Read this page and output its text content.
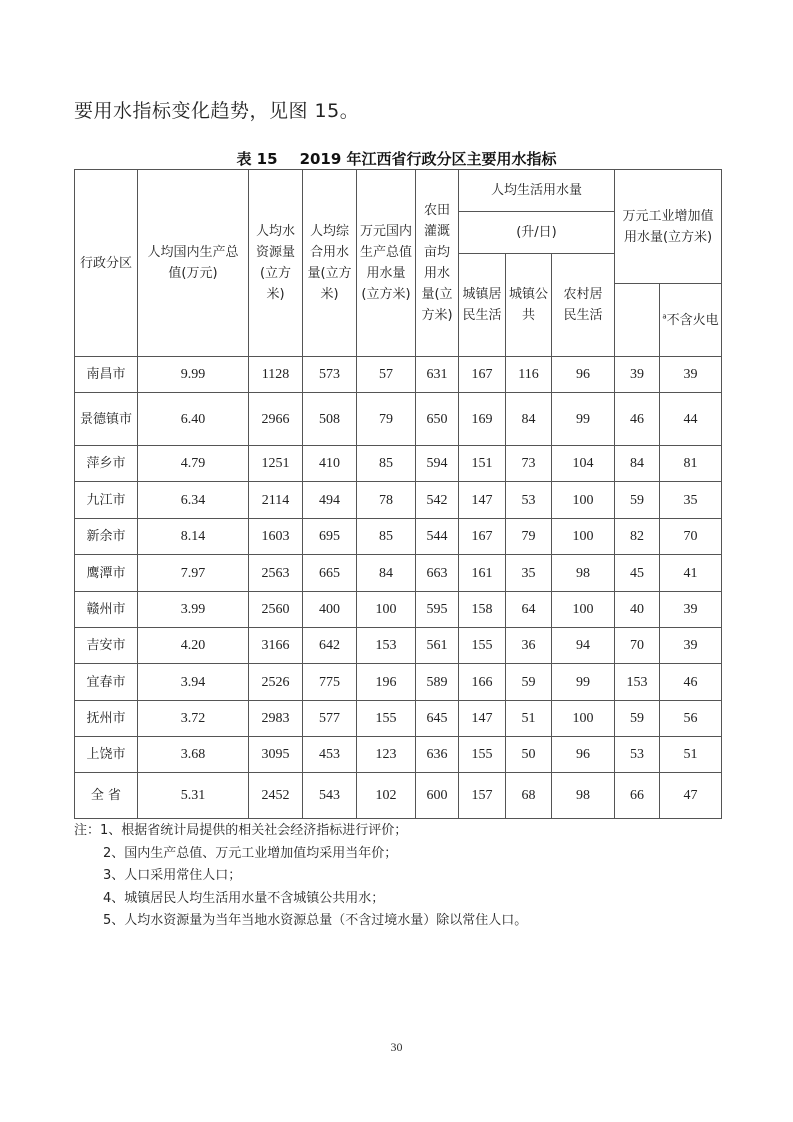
要用水指标变化趋势，见图 15。
表 15 2019 年江西省行政分区主要用水指标
行政分区	人均国内生产总值(万元)	人均水资源量(立方米)	人均综合用水量(立方米)	万元国内生产总值用水量(立方米)	农田灌溉亩均用水量(立方米)	人均生活用水量			万元工业增加值用水量(立方米)	
						(升/日)				
						城镇居民生活	城镇公共	农村居民生活		
										$^a$不含火电
南昌市	9.99	1128	573	57	631	167	116	96	39	39
景德镇市	6.40	2966	508	79	650	169	84	99	46	44
萍乡市	4.79	1251	410	85	594	151	73	104	84	81
九江市	6.34	2114	494	78	542	147	53	100	59	35
新余市	8.14	1603	695	85	544	167	79	100	82	70
鹰潭市	7.97	2563	665	84	663	161	35	98	45	41
赣州市	3.99	2560	400	100	595	158	64	100	40	39
吉安市	4.20	3166	642	153	561	155	36	94	70	39
宜春市	3.94	2526	775	196	589	166	59	99	153	46
抚州市	3.72	2983	577	155	645	147	51	100	59	56
上饶市	3.68	3095	453	123	636	155	50	96	53	51
全 省	5.31	2452	543	102	600	157	68	98	66	47
注：1、根据省统计局提供的相关社会经济指标进行评价；
2、国内生产总值、万元工业增加值均采用当年价；
3、人口采用常住人口；
4、城镇居民人均生活用水量不含城镇公共用水；
5、人均水资源量为当年当地水资源总量（不含过境水量）除以常住人口。
30
